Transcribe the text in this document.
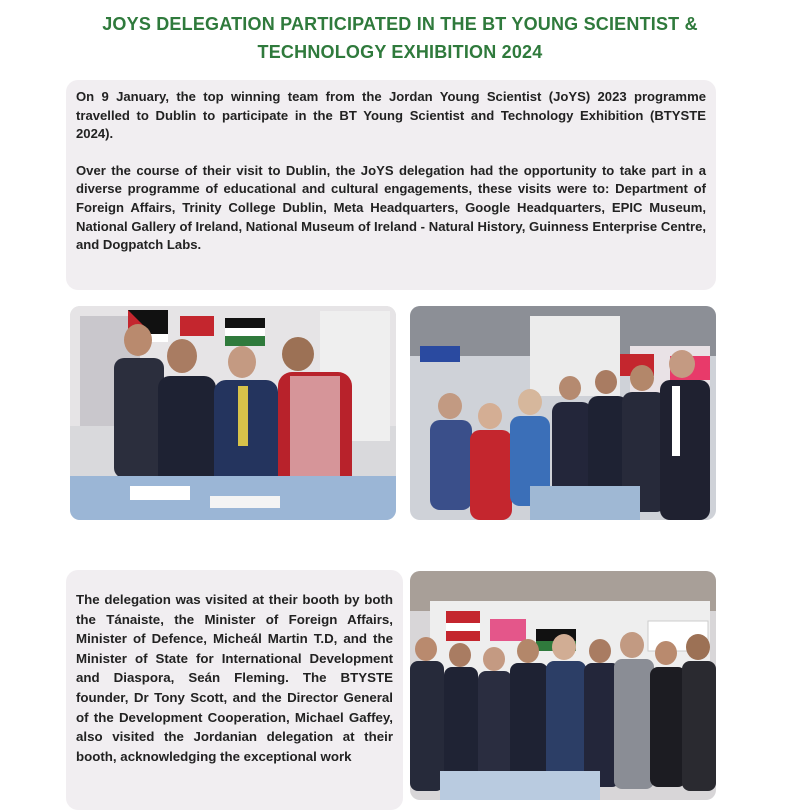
JOYS DELEGATION PARTICIPATED IN THE BT YOUNG SCIENTIST & TECHNOLOGY EXHIBITION 2024

On 9 January, the top winning team from the Jordan Young Scientist (JoYS) 2023 programme travelled to Dublin to participate in the BT Young Scientist and Technology Exhibition (BTYSTE 2024).

Over the course of their visit to Dublin, the JoYS delegation had the opportunity to take part in a diverse programme of educational and cultural engagements, these visits were to: Department of Foreign Affairs, Trinity College Dublin, Meta Headquarters, Google Headquarters, EPIC Museum, National Gallery of Ireland, National Museum of Ireland - Natural History, Guinness Enterprise Centre, and Dogpatch Labs.

The delegation was visited at their booth by both the Tánaiste, the Minister of Foreign Affairs, Minister of Defence, Micheál Martin T.D, and the Minister of State for International Development and Diaspora, Seán Fleming. The BTYSTE founder, Dr Tony Scott, and the Director General of the Development Cooperation, Michael Gaffey, also visited the Jordanian delegation at their booth, acknowledging the exceptional work
